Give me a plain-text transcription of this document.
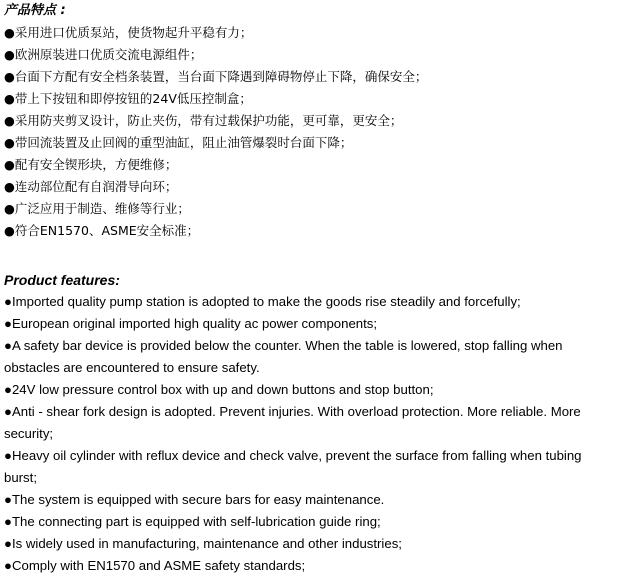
产品特点 :
●采用进口优质泵站，使货物起升平稳有力；
●欧洲原装进口优质交流电源组件；
●台面下方配有安全档条装置，当台面下降遇到障碍物停止下降，确保安全；
●带上下按钮和即停按钮的24V低压控制盒；
●采用防夹剪叉设计，防止夹伤，带有过载保护功能，更可靠，更安全；
●带回流装置及止回阀的重型油缸，阻止油管爆裂时台面下降；
●配有安全锲形块，方便维修；
●连动部位配有自润滑导向环；
●广泛应用于制造、维修等行业；
●符合EN1570、ASME安全标准；
Product features:
●Imported quality pump station is adopted to make the goods rise steadily and forcefully;
●European original imported high quality ac power components;
●A safety bar device is provided below the counter. When the table is lowered, stop falling when obstacles are encountered to ensure safety.
●24V low pressure control box with up and down buttons and stop button;
●Anti - shear fork design is adopted. Prevent injuries. With overload protection. More reliable. More security;
●Heavy oil cylinder with reflux device and check valve, prevent the surface from falling when tubing burst;
●The system is equipped with secure bars for easy maintenance.
●The connecting part is equipped with self-lubrication guide ring;
●Is widely used in manufacturing, maintenance and other industries;
●Comply with EN1570 and ASME safety standards;
